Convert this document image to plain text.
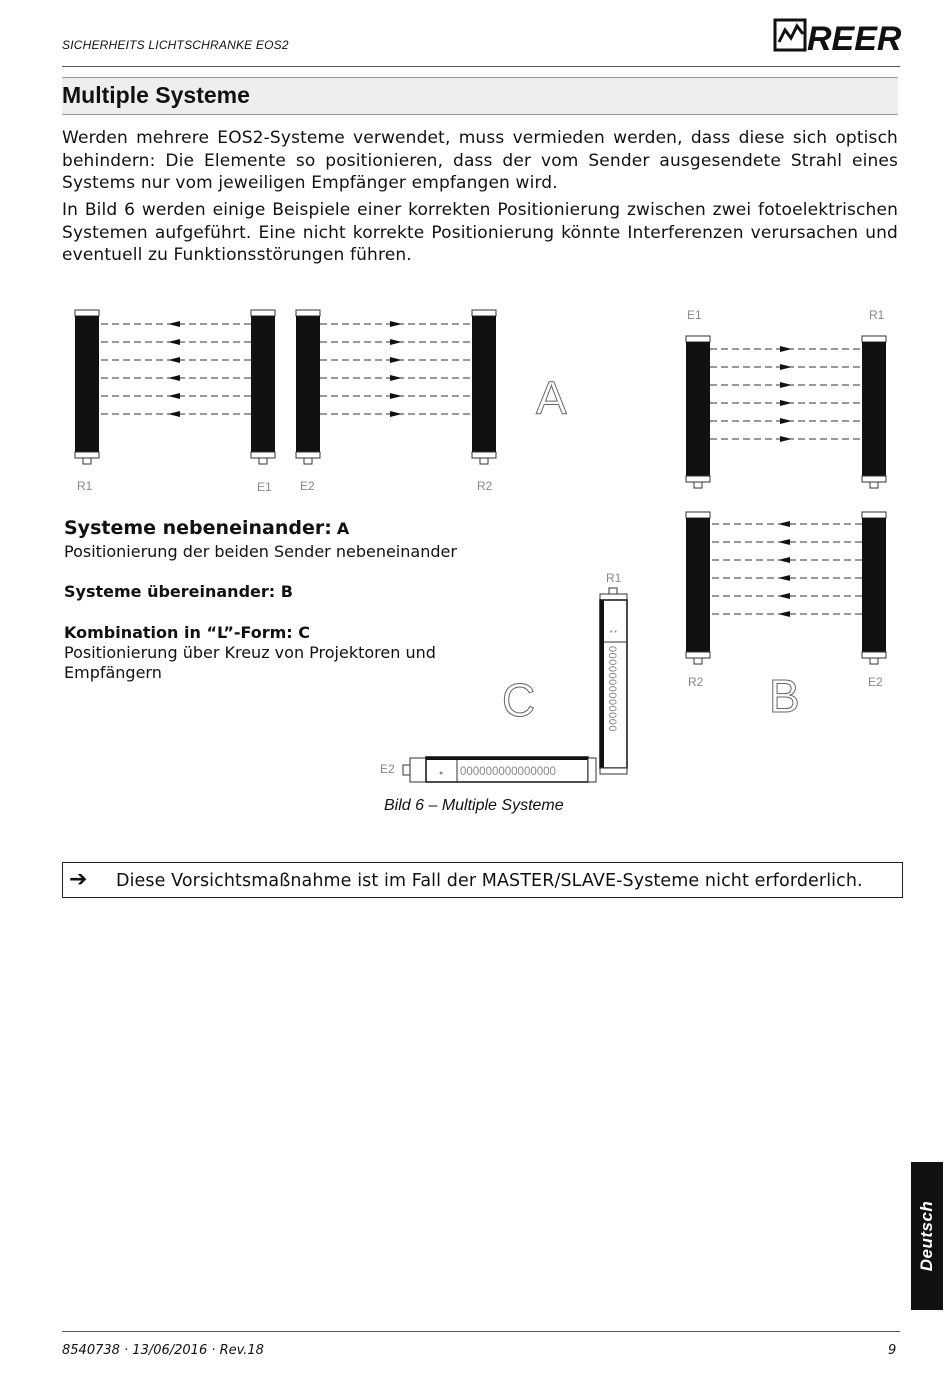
SICHERHEITS LICHTSCHRANKE EOS2	REER
Multiple Systeme
Werden mehrere EOS2-Systeme verwendet, muss vermieden werden, dass diese sich optisch behindern: Die Elemente so positionieren, dass der vom Sender ausgesendete Strahl eines Systems nur vom jeweiligen Empfänger empfangen wird.
In Bild 6 werden einige Beispiele einer korrekten Positionierung zwischen zwei fotoelektrischen Systemen aufgeführt. Eine nicht korrekte Positionierung könnte Interferenzen verursachen und eventuell zu Funktionsstörungen führen.
R1	E1 E2	R2
A
E1	R1
R2	E2
B
R1
• •
0000000000000
E2	000000000000000
C
Systeme nebeneinander: A
Positionierung der beiden Sender nebeneinander
Systeme übereinander: B
Kombination in “L”-Form: C
Positionierung über Kreuz von Projektoren und
Empfängern
Bild 6 – Multiple Systeme
➔ Diese Vorsichtsmaßnahme ist im Fall der MASTER/SLAVE-Systeme nicht erforderlich.
Deutsch
8540738 · 13/06/2016 · Rev.18	9
